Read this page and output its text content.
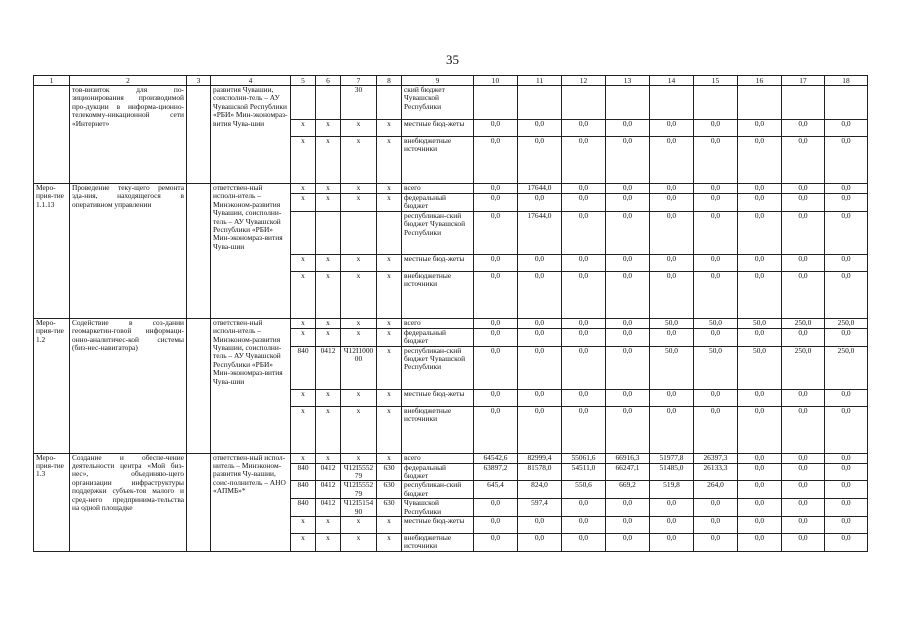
35
1	2	3	4	5	6	7	8	9	10	11	12	13	14	15	16	17	18
	тов-визиток для по-зиционирования производимой про-дукции в информа-ционно-телекомму-никационной сети «Интернет»		развития Чувашии, соисполни-тель – АУ Чувашской Республики «РБИ» Мин-экономраз-вития Чува-шии			30		ский бюджет Чувашской Республики									
				х	х	х	х	местные бюд-жеты	0,0	0,0	0,0	0,0	0,0	0,0	0,0	0,0	0,0
				х	х	х	х	внебюджетные источники	0,0	0,0	0,0	0,0	0,0	0,0	0,0	0,0	0,0
Меро-прия-тие 1.1.13	Проведение теку-щего ремонта зда-ния, находящегося в оперативном управлении		ответствен-ный исполн-итель – Минэконом-развития Чувашии, соисполни-тель – АУ Чувашской Республики «РБИ» Мин-экономраз-вития Чува-шии	х	х	х	х	всего	0,0	17644,0	0,0	0,0	0,0	0,0	0,0	0,0	0,0
				х	х	х	х	федеральный бюджет	0,0	0,0	0,0	0,0	0,0	0,0	0,0	0,0	0,0
								республикан-ский бюджет Чувашской Республики	0,0	17644,0	0,0	0,0	0,0	0,0	0,0	0,0	0,0
				х	х	х	х	местные бюд-жеты	0,0	0,0	0,0	0,0	0,0	0,0	0,0	0,0	0,0
				х	х	х	х	внебюджетные источники	0,0	0,0	0,0	0,0	0,0	0,0	0,0	0,0	0,0
Меро-прия-тие 1.2	Содействие в соз-дании геомаркетин-говой информаци-онно-аналитичес-кой системы (биз-нес-навигатора)		ответствен-ный исполн-итель – Минэконом-развития Чувашии, соисполни-тель – АУ Чувашской Республики «РБИ» Мин-экономраз-вития Чува-шии	х	х	х	х	всего	0,0	0,0	0,0	0,0	50,0	50,0	50,0	250,0	250,0
				х	х	х	х	федеральный бюджет	0,0	0,0	0,0	0,0	0,0	0,0	0,0	0,0	0,0
				840	0412	Ч12I1000 00	х	республикан-ский бюджет Чувашской Республики	0,0	0,0	0,0	0,0	50,0	50,0	50,0	250,0	250,0
				х	х	х	х	местные бюд-жеты	0,0	0,0	0,0	0,0	0,0	0,0	0,0	0,0	0,0
				х	х	х	х	внебюджетные источники	0,0	0,0	0,0	0,0	0,0	0,0	0,0	0,0	0,0
Меро-прия-тие 1.3	Создание и обеспе-чение деятельности центра «Мой биз-нес», объединяю-щего организации инфраструктуры поддержки субъек-тов малого и сред-него предпринима-тельства на одной площадке		ответствен-ный испол-нитель – Минэконом-развития Чу-вашии, соис-полнитель – АНО «АПМБ»*	х	х	х	х	всего	64542,6	82999,4	55061,6	66916,3	51977,8	26397,3	0,0	0,0	0,0
				840	0412	Ч12I5552 79	630	федеральный бюджет	63897,2	81578,0	54511,0	66247,1	51485,0	26133,3	0,0	0,0	0,0
				840	0412	Ч12I5552 79	630	республикан-ский бюджет	645,4	824,0	550,6	669,2	519,8	264,0	0,0	0,0	0,0
				840	0412	Ч12I5154 90	630	Чувашской Республики	0,0	597,4	0,0	0,0	0,0	0,0	0,0	0,0	0,0
				х	х	х	х	местные бюд-жеты	0,0	0,0	0,0	0,0	0,0	0,0	0,0	0,0	0,0
				х	х	х	х	внебюджетные источники	0,0	0,0	0,0	0,0	0,0	0,0	0,0	0,0	0,0
